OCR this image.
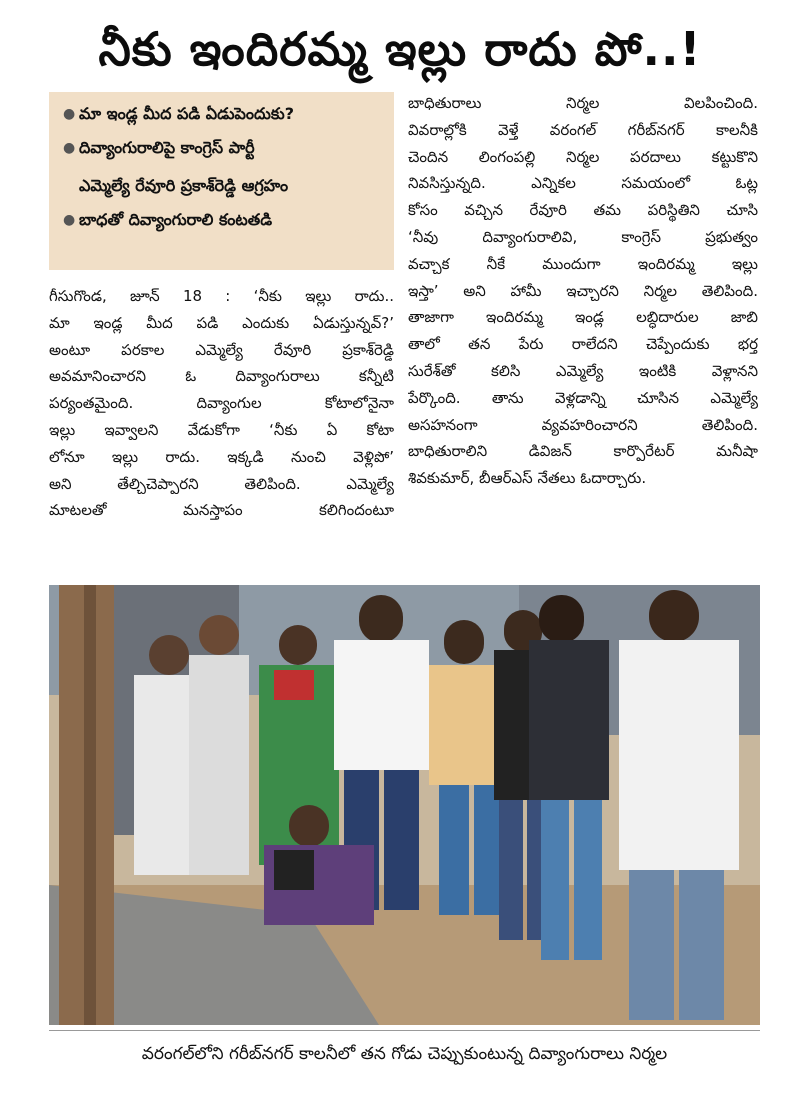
నీకు ఇందిరమ్మ ఇల్లు రాదు పో..!
● మా ఇండ్ల మీద పడి ఏడుపెందుకు?
● దివ్యాంగురాలిపై కాంగ్రెస్ పార్టీ
ఎమ్మెల్యే రేవూరి ప్రకాశ్‌రెడ్డి ఆగ్రహం
● బాధతో దివ్యాంగురాలి కంటతడి
గీసుగొండ, జూన్ 18 : ‘నీకు ఇల్లు రాదు..
మా ఇండ్ల మీద పడి ఎందుకు ఏడుస్తున్నవ్?’
అంటూ పరకాల ఎమ్మెల్యే రేవూరి ప్రకాశ్‌రెడ్డి
అవమానించారని ఓ దివ్యాంగురాలు కన్నీటి
పర్యంతమైంది. దివ్యాంగుల కోటాలోనైనా
ఇల్లు ఇవ్వాలని వేడుకోగా ‘నీకు ఏ కోటా
లోనూ ఇల్లు రాదు. ఇక్కడి నుంచి వెళ్లిపో’
అని తేల్చిచెప్పారని తెలిపింది. ఎమ్మెల్యే
మాటలతో మనస్తాపం కలిగిందంటూ
బాధితురాలు నిర్మల విలపించింది.
వివరాల్లోకి వెళ్తే వరంగల్ గరీబ్‌నగర్ కాలనీకి
చెందిన లింగంపల్లి నిర్మల పరదాలు కట్టుకొని
నివసిస్తున్నది. ఎన్నికల సమయంలో ఓట్ల
కోసం వచ్చిన రేవూరి తమ పరిస్థితిని చూసి
‘నీవు దివ్యాంగురాలివి, కాంగ్రెస్ ప్రభుత్వం
వచ్చాక నీకే ముందుగా ఇందిరమ్మ ఇల్లు
ఇస్తా’ అని హామీ ఇచ్చారని నిర్మల తెలిపింది.
తాజాగా ఇందిరమ్మ ఇండ్ల లబ్ధిదారుల జాబి
తాలో తన పేరు రాలేదని చెప్పేందుకు భర్త
సురేశ్‌తో కలిసి ఎమ్మెల్యే ఇంటికి వెళ్లానని
పేర్కొంది. తాను వెళ్లడాన్ని చూసిన ఎమ్మెల్యే
అసహనంగా వ్యవహరించారని తెలిపింది.
బాధితురాలిని డివిజన్ కార్పొరేటర్ మనీషా
శివకుమార్, బీఆర్‌ఎస్ నేతలు ఓదార్చారు.
వరంగల్‌లోని గరీబ్‌నగర్ కాలనీలో తన గోడు చెప్పుకుంటున్న దివ్యాంగురాలు నిర్మల
